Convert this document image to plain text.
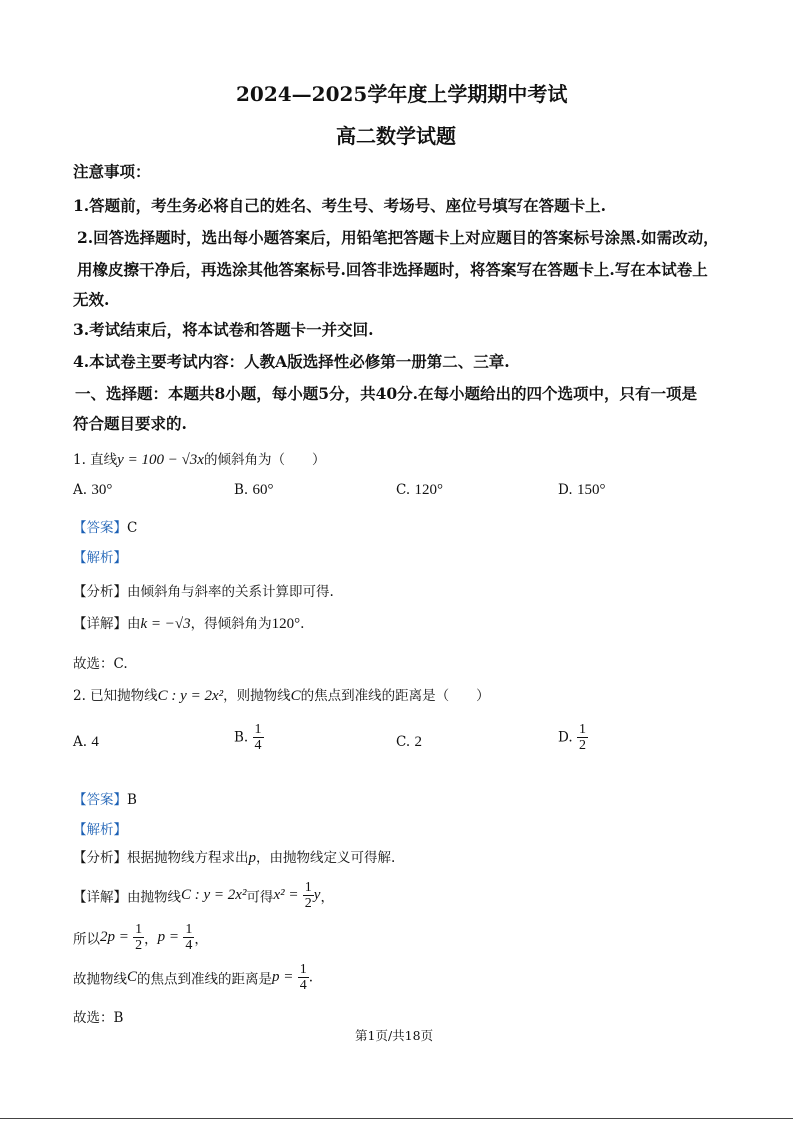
2024—2025学年度上学期期中考试
高二数学试题
注意事项：
1.答题前，考生务必将自己的姓名、考生号、考场号、座位号填写在答题卡上.
2.回答选择题时，选出每小题答案后，用铅笔把答题卡上对应题目的答案标号涂黑.如需改动，
用橡皮擦干净后，再选涂其他答案标号.回答非选择题时，将答案写在答题卡上.写在本试卷上
无效.
3.考试结束后，将本试卷和答题卡一并交回.
4.本试卷主要考试内容：人教A版选择性必修第一册第二、三章.
一、选择题：本题共8小题，每小题5分，共40分.在每小题给出的四个选项中，只有一项是
符合题目要求的.
1. 直线y = 100 − √3x的倾斜角为（　　）
A. 30°	B. 60°	C. 120°	D. 150°
【答案】C
【解析】
【分析】由倾斜角与斜率的关系计算即可得.
【详解】由k = −√3，得倾斜角为120°.
故选：C.
2. 已知抛物线C : y = 2x²，则抛物线C的焦点到准线的距离是（　　）
A. 4	B. $\frac{1}{4}$	C. 2	D. $\frac{1}{2}$
【答案】B
【解析】
【分析】根据抛物线方程求出p，由抛物线定义可得解.
【详解】由抛物线C : y = 2x²可得$x^2 = \frac{1}{2}$ y，
所以$2p = \frac{1}{2}$ ，$p = \frac{1}{4}$ ，
故抛物线C的焦点到准线的距离是$p = \frac{1}{4}$ .
故选：B
第1页/共18页
